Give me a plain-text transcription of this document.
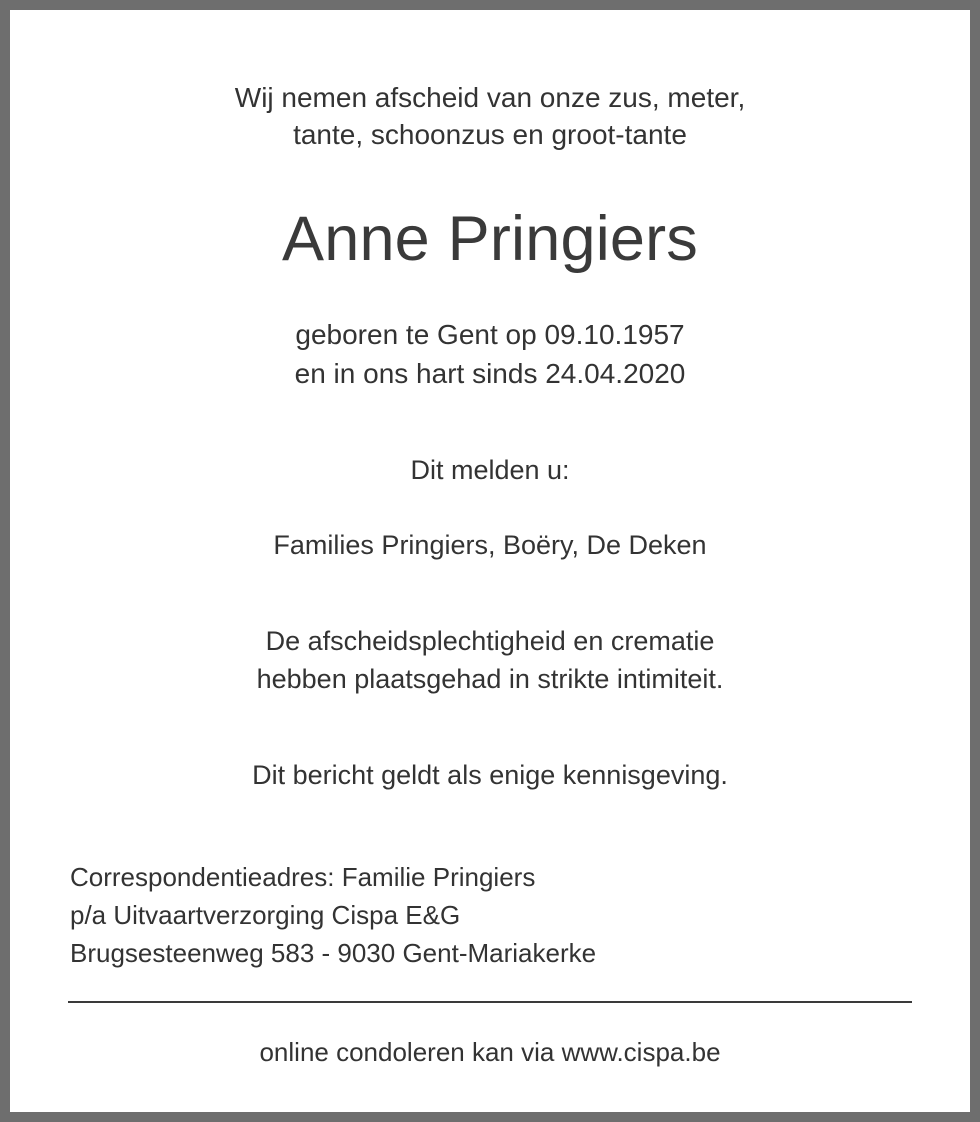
Wij nemen afscheid van onze zus, meter,

tante, schoonzus en groot-tante

Anne Pringiers
geboren te Gent op 09.10.1957
en in ons hart sinds 24.04.2020
Dit melden u:
Families Pringiers, Boëry, De Deken
De afscheidsplechtigheid en crematie
hebben plaatsgehad in strikte intimiteit.
Dit bericht geldt als enige kennisgeving.
Correspondentieadres: Familie Pringiers
p/a Uitvaartverzorging Cispa E&G
Brugsesteenweg 583 - 9030 Gent-Mariakerke
online condoleren kan via www.cispa.be
